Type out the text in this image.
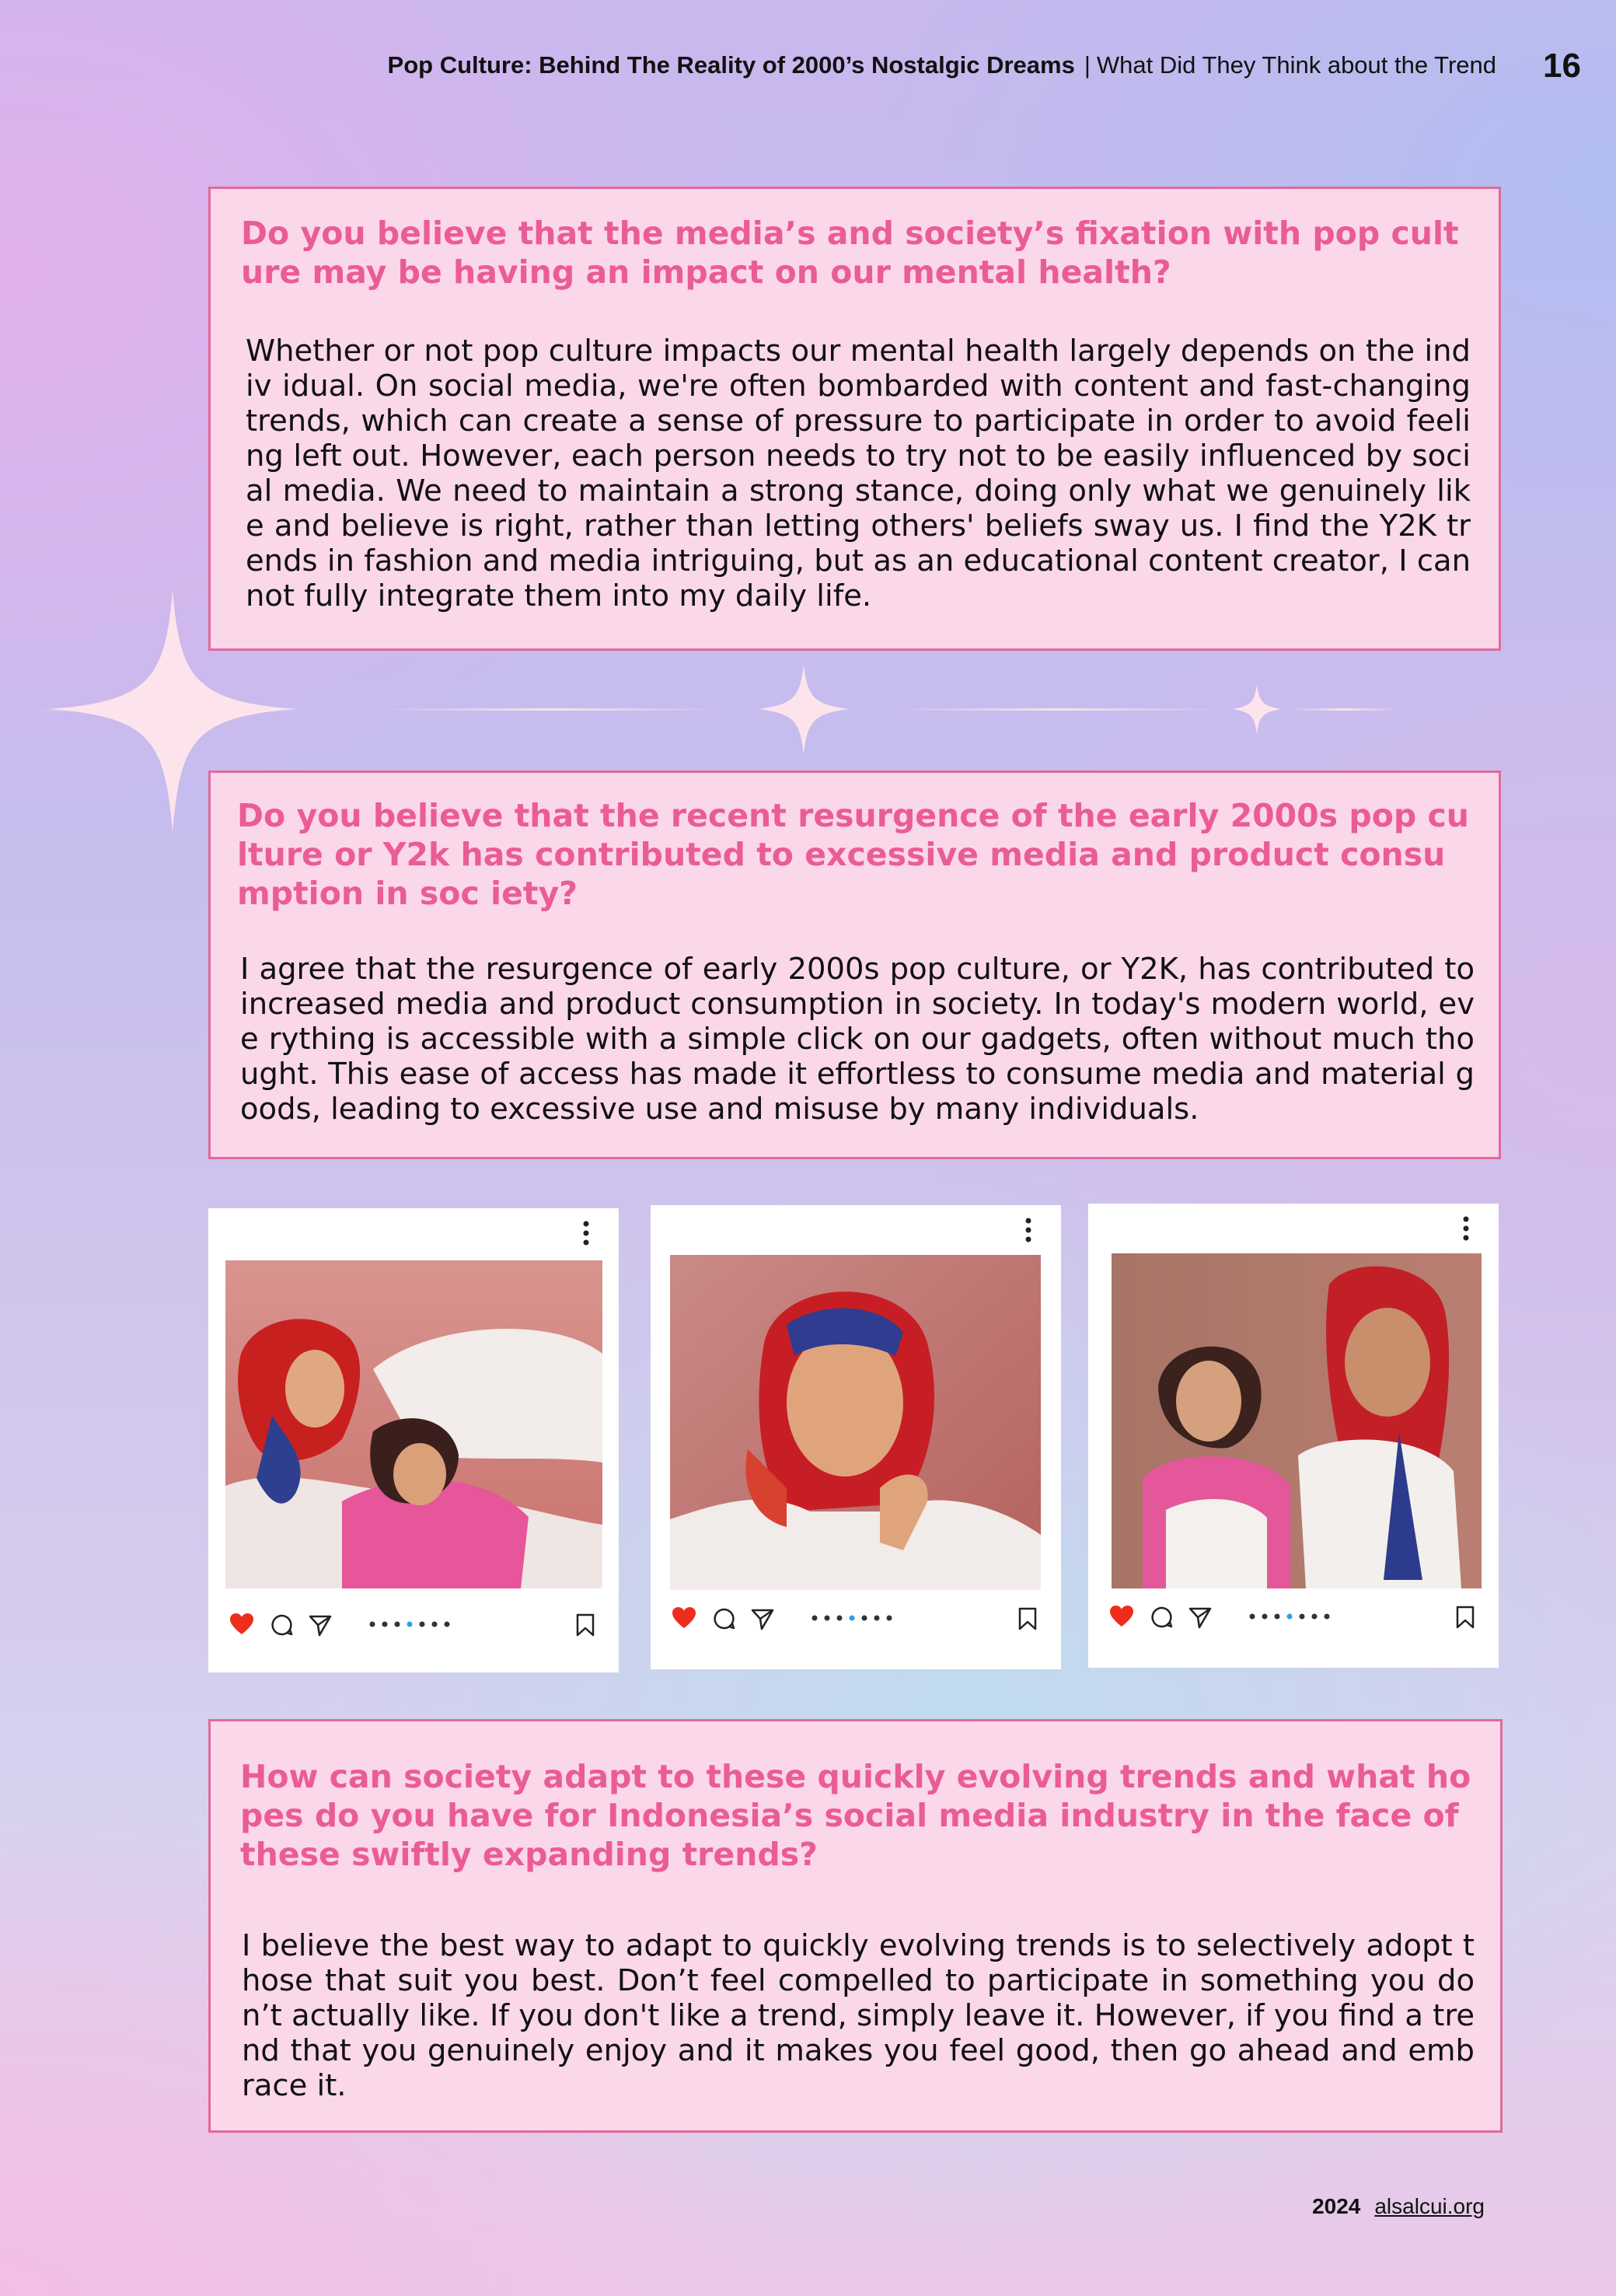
Pop Culture: Behind The Reality of 2000’s Nostalgic Dreams | What Did They Think about the Trend 16

Do you believe that the media’s and society’s fixation with pop culture may be having an impact on our mental health?

Whether or not pop culture impacts our mental health largely depends on the indiv idual. On social media, we're often bombarded with content and fast-changing trends, which can create a sense of pressure to participate in order to avoid feeling left out. However, each person needs to try not to be easily influenced by social media. We need to maintain a strong stance, doing only what we genuinely like and believe is right, rather than letting others' beliefs sway us. I find the Y2K trends in fashion and media intriguing, but as an educational content creator, I cannot fully integrate them into my daily life.

Do you believe that the recent resurgence of the early 2000s pop culture or Y2k has contributed to excessive media and product consumption in soc iety?

I agree that the resurgence of early 2000s pop culture, or Y2K, has contributed to increased media and product consumption in society. In today's modern world, eve rything is accessible with a simple click on our gadgets, often without much thought. This ease of access has made it effortless to consume media and material goods, leading to excessive use and misuse by many individuals.

How can society adapt to these quickly evolving trends and what hopes do you have for Indonesia’s social media industry in the face of these swiftly expanding trends?

I believe the best way to adapt to quickly evolving trends is to selectively adopt those that suit you best. Don’t feel compelled to participate in something you don’t actually like. If you don't like a trend, simply leave it. However, if you find a trend that you genuinely enjoy and it makes you feel good, then go ahead and emb race it.

2024 alsalcui.org
